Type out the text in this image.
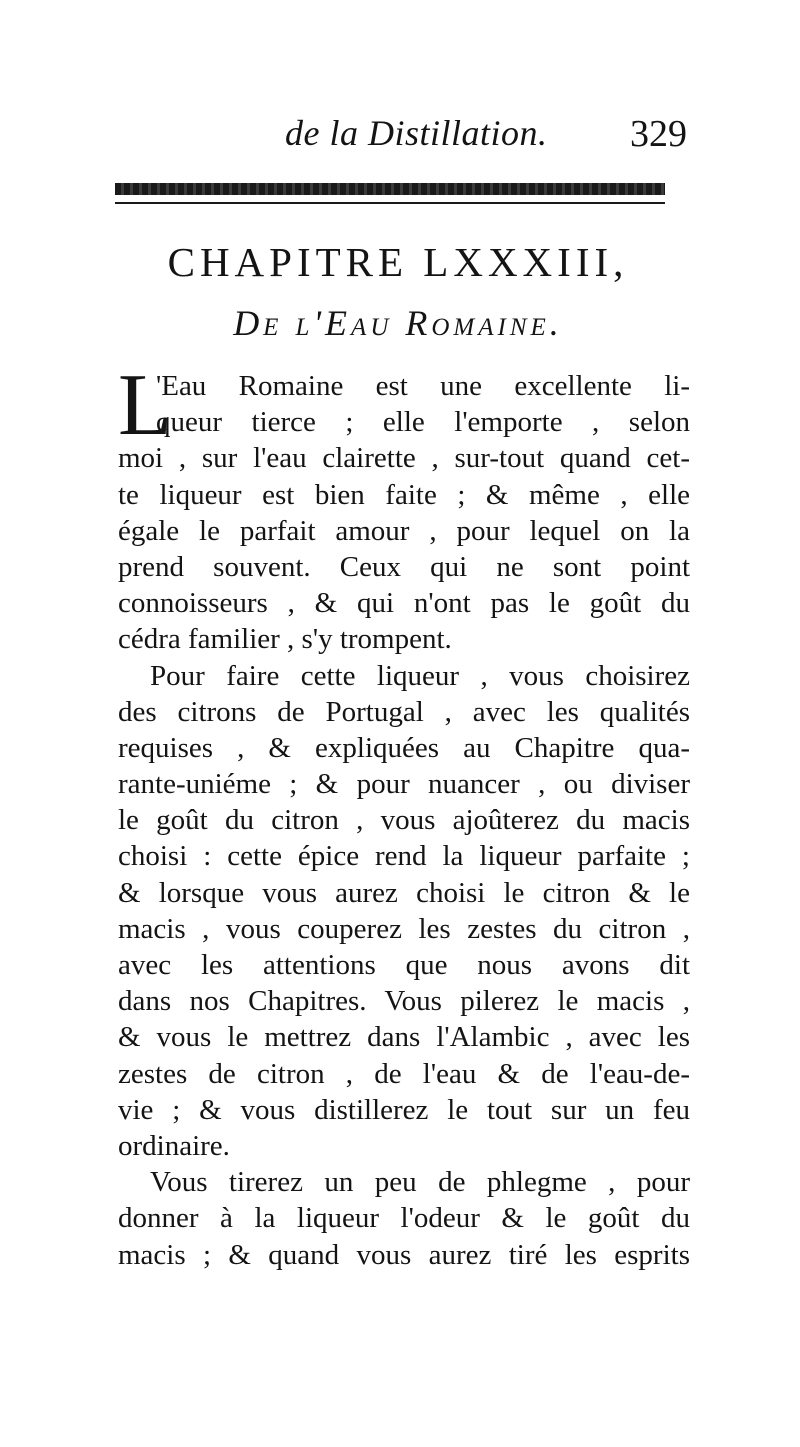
de la Distillation. 329
CHAPITRE LXXXIII,
De l'Eau Romaine.
L
'Eau Romaine est une excellente li-
queur tierce ; elle l'emporte , selon
moi , sur l'eau clairette , sur-tout quand cet-
te liqueur est bien faite ; & même , elle
égale le parfait amour , pour lequel on la
prend souvent. Ceux qui ne sont point
connoisseurs , & qui n'ont pas le goût du
cédra familier , s'y trompent.
Pour faire cette liqueur , vous choisirez
des citrons de Portugal , avec les qualités
requises , & expliquées au Chapitre qua-
rante-uniéme ; & pour nuancer , ou diviser
le goût du citron , vous ajoûterez du macis
choisi : cette épice rend la liqueur parfaite ;
& lorsque vous aurez choisi le citron & le
macis , vous couperez les zestes du citron ,
avec les attentions que nous avons dit
dans nos Chapitres. Vous pilerez le macis ,
& vous le mettrez dans l'Alambic , avec les
zestes de citron , de l'eau & de l'eau-de-
vie ; & vous distillerez le tout sur un feu
ordinaire.
Vous tirerez un peu de phlegme , pour
donner à la liqueur l'odeur & le goût du
macis ; & quand vous aurez tiré les esprits
